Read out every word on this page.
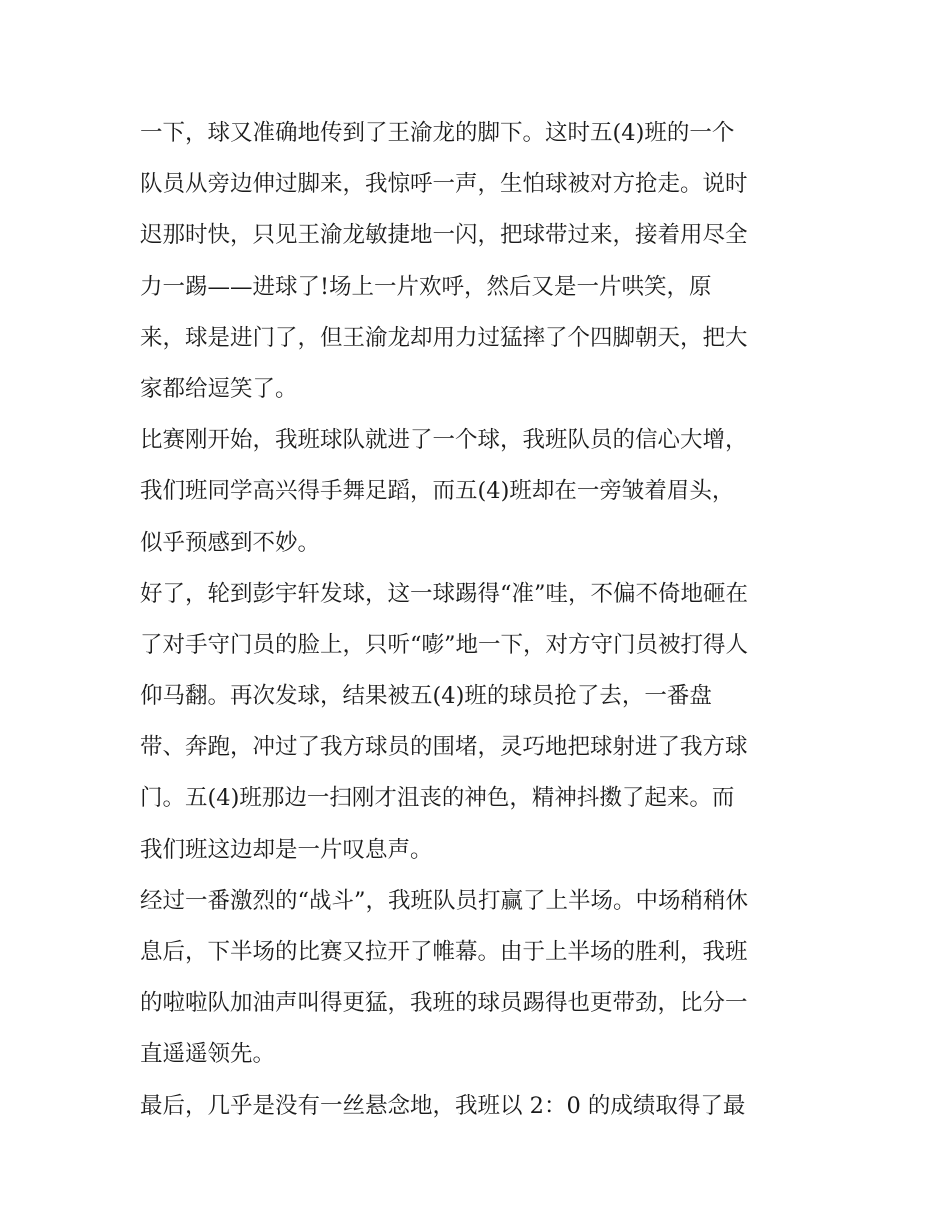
一下，球又准确地传到了王渝龙的脚下。这时五(4)班的一个
队员从旁边伸过脚来，我惊呼一声，生怕球被对方抢走。说时
迟那时快，只见王渝龙敏捷地一闪，把球带过来，接着用尽全
力一踢——进球了!场上一片欢呼，然后又是一片哄笑，原
来，球是进门了，但王渝龙却用力过猛摔了个四脚朝天，把大
家都给逗笑了。
比赛刚开始，我班球队就进了一个球，我班队员的信心大增，
我们班同学高兴得手舞足蹈，而五(4)班却在一旁皱着眉头，
似乎预感到不妙。
好了，轮到彭宇轩发球，这一球踢得“准”哇，不偏不倚地砸在
了对手守门员的脸上，只听“嘭”地一下，对方守门员被打得人
仰马翻。再次发球，结果被五(4)班的球员抢了去，一番盘
带、奔跑，冲过了我方球员的围堵，灵巧地把球射进了我方球
门。五(4)班那边一扫刚才沮丧的神色，精神抖擞了起来。而
我们班这边却是一片叹息声。
经过一番激烈的“战斗”，我班队员打赢了上半场。中场稍稍休
息后，下半场的比赛又拉开了帷幕。由于上半场的胜利，我班
的啦啦队加油声叫得更猛，我班的球员踢得也更带劲，比分一
直遥遥领先。
最后，几乎是没有一丝悬念地，我班以 2：0 的成绩取得了最
